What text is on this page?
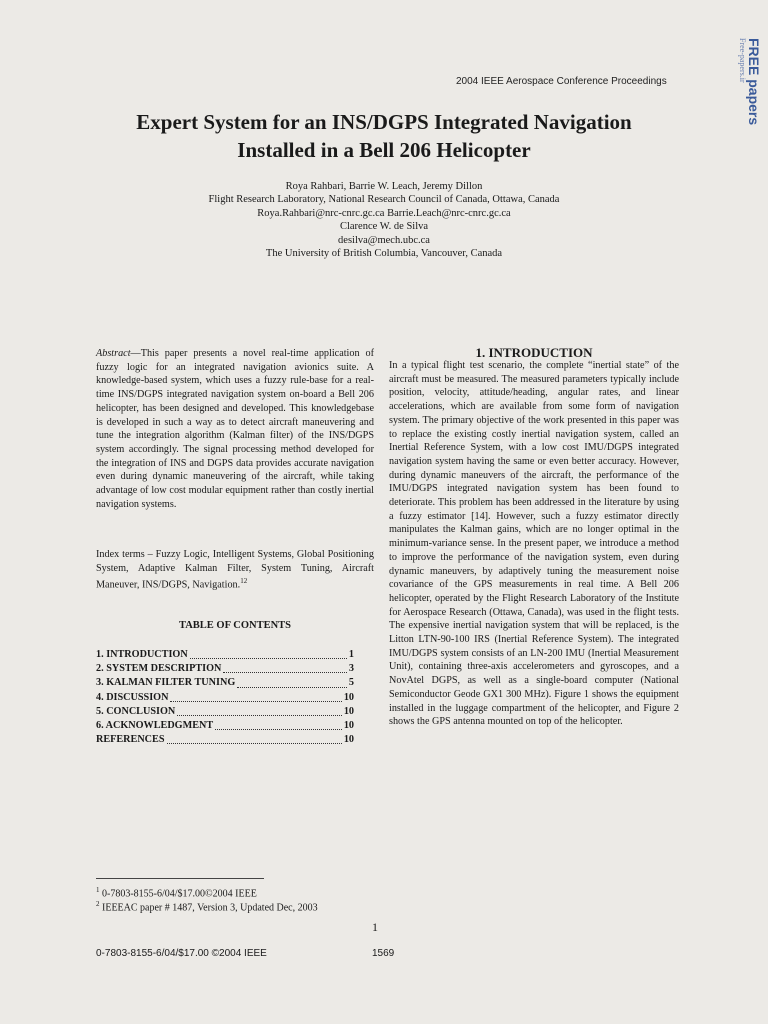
2004 IEEE Aerospace Conference Proceedings	Free-papers.ir FREE papers
Expert System for an INS/DGPS Integrated Navigation
Installed in a Bell 206 Helicopter
Roya Rahbari, Barrie W. Leach, Jeremy Dillon
Flight Research Laboratory, National Research Council of Canada, Ottawa, Canada
Roya.Rahbari@nrc-cnrc.gc.ca Barrie.Leach@nrc-cnrc.gc.ca
Clarence W. de Silva
desilva@mech.ubc.ca
The University of British Columbia, Vancouver, Canada
Abstract—This paper presents a novel real-time application of fuzzy logic for an integrated navigation avionics suite. A knowledge-based system, which uses a fuzzy rule-base for a real-time INS/DGPS integrated navigation system on-board a Bell 206 helicopter, has been designed and developed. This knowledgebase is developed in such a way as to detect aircraft maneuvering and tune the integration algorithm (Kalman filter) of the INS/DGPS system accordingly. The signal processing method developed for the integration of INS and DGPS data provides accurate navigation even during dynamic maneuvering of the aircraft, while taking advantage of low cost modular equipment rather than costly inertial navigation systems.
Index terms – Fuzzy Logic, Intelligent Systems, Global Positioning System, Adaptive Kalman Filter, System Tuning, Aircraft Maneuver, INS/DGPS, Navigation.$^{12}$
TABLE OF CONTENTS
1. INTRODUCTION	1
2. SYSTEM DESCRIPTION	3
3. KALMAN FILTER TUNING	5
4. DISCUSSION	10
5. CONCLUSION	10
6. ACKNOWLEDGMENT	10
REFERENCES	10
1. INTRODUCTION

In a typical flight test scenario, the complete “inertial state” of the aircraft must be measured. The measured parameters typically include position, velocity, attitude/heading, angular rates, and linear accelerations, which are available from some form of navigation system. The primary objective of the work presented in this paper was to replace the existing costly inertial navigation system, called an Inertial Reference System, with a low cost IMU/DGPS integrated navigation system having the same or even better accuracy. However, during dynamic maneuvers of the aircraft, the performance of the IMU/DGPS integrated navigation system has been found to deteriorate. This problem has been addressed in the literature by using a fuzzy estimator [14]. However, such a fuzzy estimator directly manipulates the Kalman gains, which are no longer optimal in the minimum-variance sense. In the present paper, we introduce a method to improve the performance of the navigation system, even during dynamic maneuvers, by adaptively tuning the measurement noise covariance of the GPS measurements in real time. A Bell 206 helicopter, operated by the Flight Research Laboratory of the Institute for Aerospace Research (Ottawa, Canada), was used in the flight tests. The expensive inertial navigation system that will be replaced, is the Litton LTN-90-100 IRS (Inertial Reference System). The integrated IMU/DGPS system consists of an LN-200 IMU (Inertial Measurement Unit), containing three-axis accelerometers and gyroscopes, and a NovAtel DGPS, as well as a single-board computer (National Semiconductor Geode GX1 300 MHz). Figure 1 shows the equipment installed in the luggage compartment of the helicopter, and Figure 2 shows the GPS antenna mounted on top of the helicopter.

$^1$ 0-7803-8155-6/04/$17.00©2004 IEEE
$^2$ IEEEAC paper # 1487, Version 3, Updated Dec, 2003
1
0-7803-8155-6/04/$17.00 ©2004 IEEE	1569
